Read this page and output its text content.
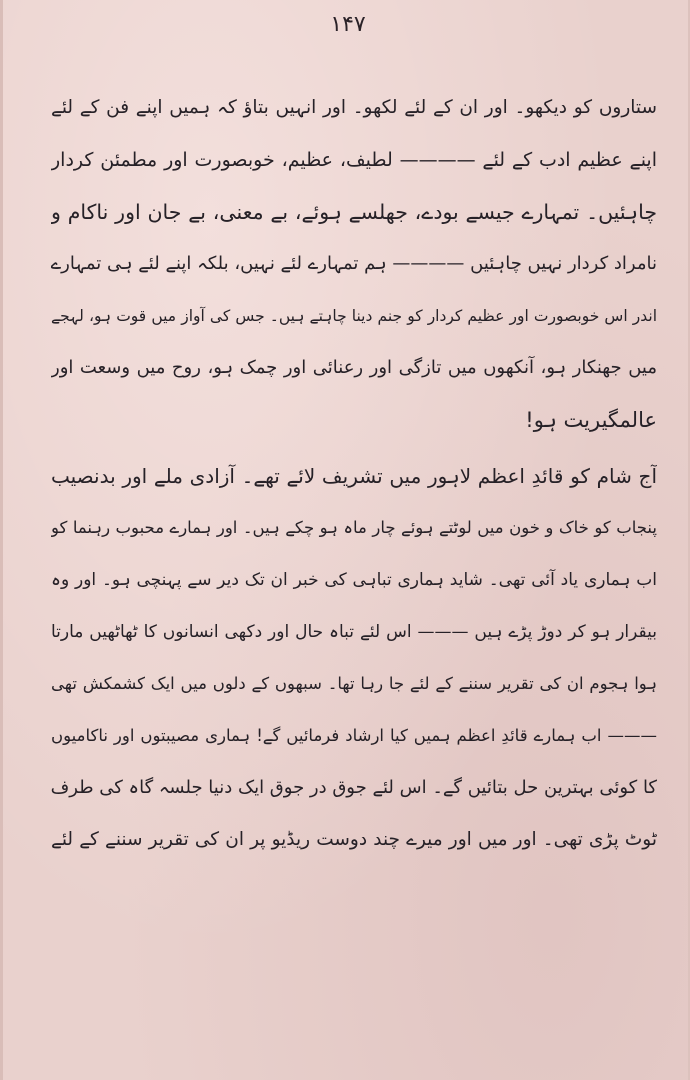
۱۴۷
ستاروں کو دیکھو۔ اور ان کے لئے لکھو۔ اور انہیں بتاؤ کہ ہمیں اپنے فن کے لئے
اپنے عظیم ادب کے لئے ———— لطیف، عظیم، خوبصورت اور مطمئن کردار
چاہئیں۔ تمہارے جیسے بودے، جھلسے ہوئے، بے معنی، بے جان اور ناکام و
نامراد کردار نہیں چاہئیں ———— ہم تمہارے لئے نہیں، بلکہ اپنے لئے ہی تمہارے
اندر اس خوبصورت اور عظیم کردار کو جنم دینا چاہتے ہیں۔ جس کی آواز میں قوت ہو، لہجے
میں جھنکار ہو، آنکھوں میں تازگی اور رعنائی اور چمک ہو، روح میں وسعت اور
عالمگیریت ہو!
آج شام کو قائدِ اعظم لاہور میں تشریف لائے تھے۔ آزادی ملے اور بدنصیب
پنجاب کو خاک و خون میں لوٹتے ہوئے چار ماہ ہو چکے ہیں۔ اور ہمارے محبوب رہنما کو
اب ہماری یاد آئی تھی۔ شاید ہماری تباہی کی خبر ان تک دیر سے پہنچی ہو۔ اور وہ
بیقرار ہو کر دوڑ پڑے ہیں ——— اس لئے تباہ حال اور دکھی انسانوں کا ٹھاٹھیں مارتا
ہوا ہجوم ان کی تقریر سننے کے لئے جا رہا تھا۔ سبھوں کے دلوں میں ایک کشمکش تھی
——— اب ہمارے قائدِ اعظم ہمیں کیا ارشاد فرمائیں گے! ہماری مصیبتوں اور ناکامیوں
کا کوئی بہترین حل بتائیں گے۔ اس لئے جوق در جوق ایک دنیا جلسہ گاہ کی طرف
ٹوٹ پڑی تھی۔ اور میں اور میرے چند دوست ریڈیو پر ان کی تقریر سننے کے لئے
